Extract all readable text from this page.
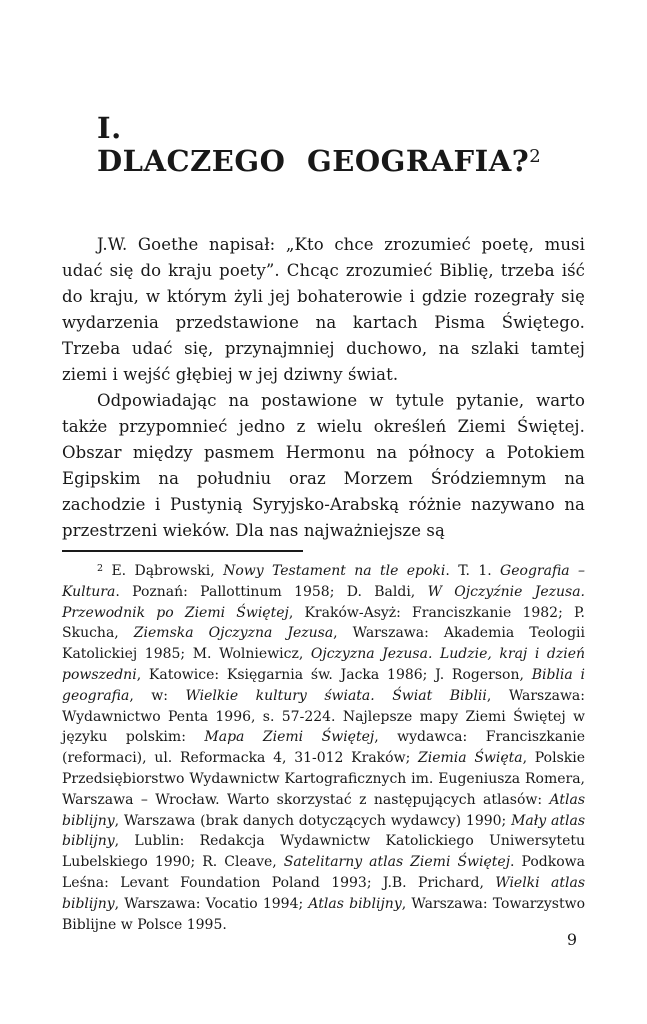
I.
DLACZEGO GEOGRAFIA?$^2$

J.W. Goethe napisał: „Kto chce zrozumieć poetę, musi udać się do kraju poety”. Chcąc zrozumieć Biblię, trzeba iść do kraju, w którym żyli jej bohaterowie i gdzie rozegrały się wydarzenia przedstawione na kartach Pisma Świętego. Trzeba udać się, przynajmniej duchowo, na szlaki tamtej ziemi i wejść głębiej w jej dziwny świat.

Odpowiadając na postawione w tytule pytanie, warto także przypomnieć jedno z wielu określeń Ziemi Świętej. Obszar między pasmem Hermonu na północy a Potokiem Egipskim na południu oraz Morzem Śródziemnym na zachodzie i Pustynią Syryjsko-Arabską różnie nazywano na przestrzeni wieków. Dla nas najważniejsze są

$^2$ E. Dąbrowski, Nowy Testament na tle epoki. T. 1. Geografia – Kultura. Poznań: Pallottinum 1958; D. Baldi, W Ojczyźnie Jezusa. Przewodnik po Ziemi Świętej, Kraków-Asyż: Franciszkanie 1982; P. Skucha, Ziemska Ojczyzna Jezusa, Warszawa: Akademia Teologii Katolickiej 1985; M. Wolniewicz, Ojczyzna Jezusa. Ludzie, kraj i dzień powszedni, Katowice: Księgarnia św. Jacka 1986; J. Rogerson, Biblia i geografia, w: Wielkie kultury świata. Świat Biblii, Warszawa: Wydawnictwo Penta 1996, s. 57-224. Najlepsze mapy Ziemi Świętej w języku polskim: Mapa Ziemi Świętej, wydawca: Franciszkanie (reformaci), ul. Reformacka 4, 31-012 Kraków; Ziemia Święta, Polskie Przedsiębiorstwo Wydawnictw Kartograficznych im. Eugeniusza Romera, Warszawa – Wrocław. Warto skorzystać z następujących atlasów: Atlas biblijny, Warszawa (brak danych dotyczących wydawcy) 1990; Mały atlas biblijny, Lublin: Redakcja Wydawnictw Katolickiego Uniwersytetu Lubelskiego 1990; R. Cleave, Satelitarny atlas Ziemi Świętej. Podkowa Leśna: Levant Foundation Poland 1993; J.B. Prichard, Wielki atlas biblijny, Warszawa: Vocatio 1994; Atlas biblijny, Warszawa: Towarzystwo Biblijne w Polsce 1995.

9
